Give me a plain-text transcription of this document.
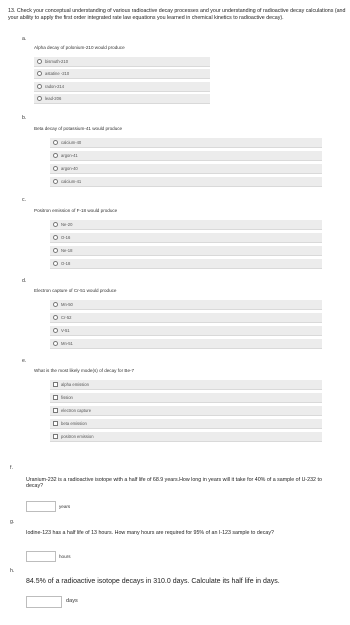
13. Check your conceptual understanding of various radioactive decay processes and your understanding of radioactive decay calculations (and your ability to apply the first order integrated rate law equations you learned in chemical kinetics to radioactive decay).
a.
Alpha decay of polonium-210 would produce
bismuth-210
astatine -210
radon-214
lead-206
b.
Beta decay of potassium-41 would produce
calcium-40
argon-41
argon-40
calcium-41
c.
Positron emission of F-18 would produce
Ne-20
O-16
Ne-18
O-18
d.
Electron capture of Cr-51 would produce
Mn-50
Cr-52
V-51
Mn-51
e.
What is the most likely mode(s) of decay for Be-7
alpha emission
fission
electron capture
beta emission
positron emission
f.
Uranium-232 is a radioactive isotope with a half life of 68.9 years.How long in years will it take for 40% of a sample of U-232 to decay?
years
g.
Iodine-123 has a half life of 13 hours. How many hours are required for 95% of an I-123 sample to decay?
hours
h.
84.5% of a radioactive isotope decays in 310.0 days. Calculate its half life in days.
days
